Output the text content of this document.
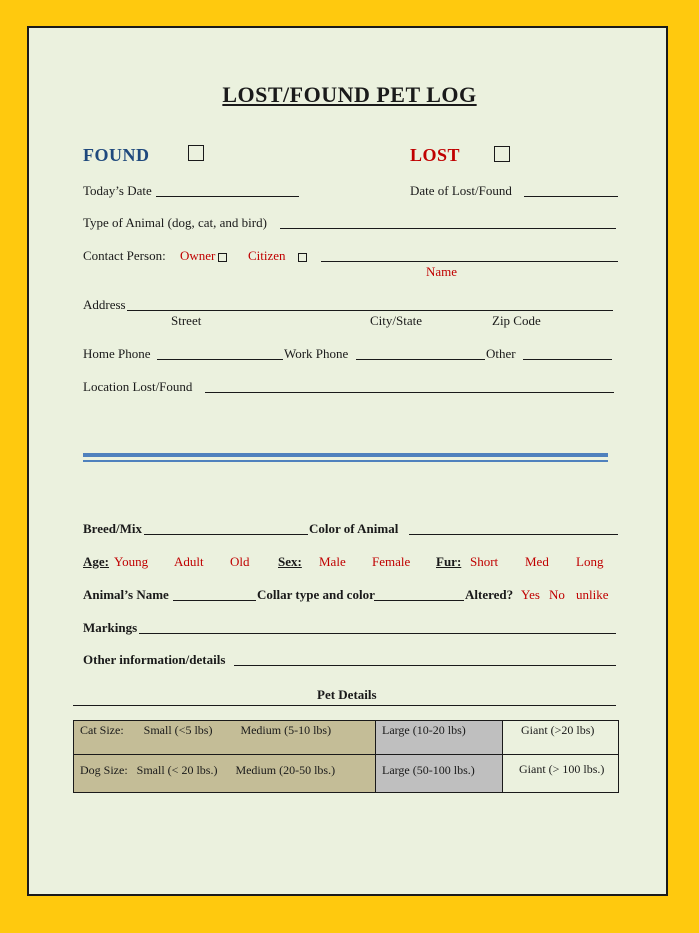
LOST/FOUND PET LOG
FOUND	LOST
Today’s Date	Date of Lost/Found
Type of Animal (dog, cat, and bird)
Contact Person: Owner	Citizen
Name
Address
Street	City/State	Zip Code
Home Phone	Work Phone	Other
Location Lost/Found
Breed/Mix	Color of Animal
Age: Young Adult Old Sex: Male Female Fur: Short Med Long
Animal’s Name	Collar type and color	Altered? Yes No unlike
Markings
Other information/details
Pet Details
Cat Size: Small (<5 lbs) Medium (5-10 lbs)	Large (10-20 lbs)	Giant (>20 lbs)
Dog Size: Small (< 20 lbs.) Medium (20-50 lbs.)	Large (50-100 lbs.)	Giant (> 100 lbs.)
